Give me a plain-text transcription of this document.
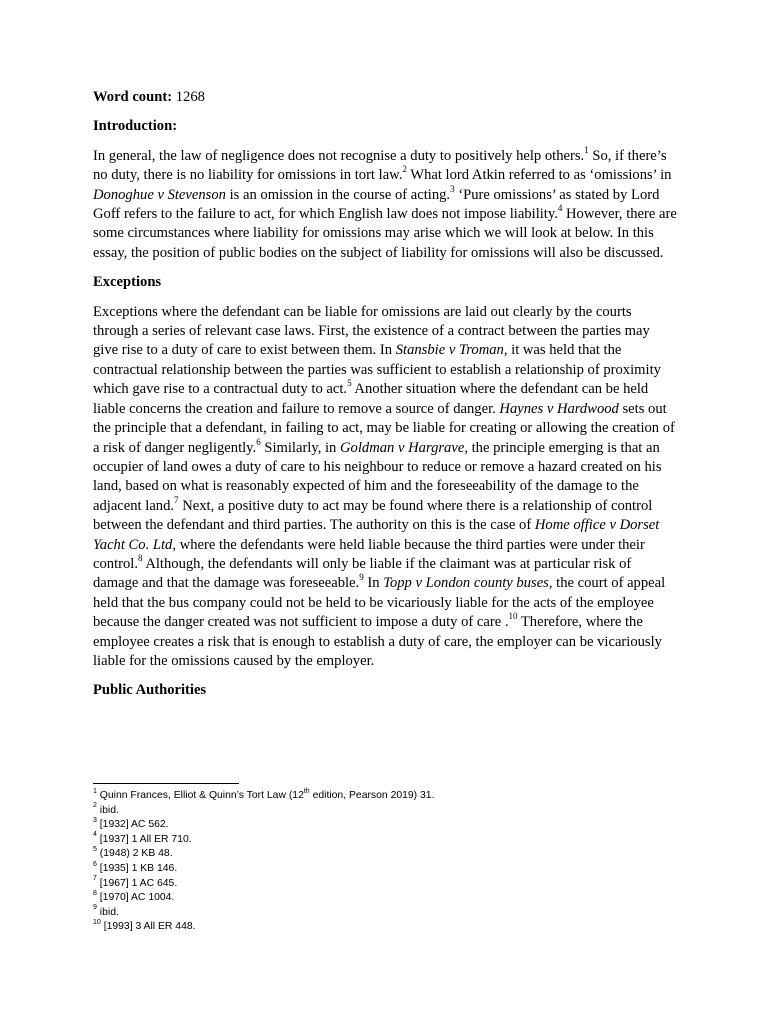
Word count: 1268

Introduction:

In general, the law of negligence does not recognise a duty to positively help others.$^1$ So, if there’s no duty, there is no liability for omissions in tort law.$^2$ What lord Atkin referred to as ‘omissions’ in Donoghue v Stevenson is an omission in the course of acting.$^3$ ‘Pure omissions’ as stated by Lord Goff refers to the failure to act, for which English law does not impose liability.$^4$ However, there are some circumstances where liability for omissions may arise which we will look at below. In this essay, the position of public bodies on the subject of liability for omissions will also be discussed.

Exceptions

Exceptions where the defendant can be liable for omissions are laid out clearly by the courts through a series of relevant case laws. First, the existence of a contract between the parties may give rise to a duty of care to exist between them. In Stansbie v Troman, it was held that the contractual relationship between the parties was sufficient to establish a relationship of proximity which gave rise to a contractual duty to act.$^5$ Another situation where the defendant can be held liable concerns the creation and failure to remove a source of danger. Haynes v Hardwood sets out the principle that a defendant, in failing to act, may be liable for creating or allowing the creation of a risk of danger negligently.$^6$ Similarly, in Goldman v Hargrave, the principle emerging is that an occupier of land owes a duty of care to his neighbour to reduce or remove a hazard created on his land, based on what is reasonably expected of him and the foreseeability of the damage to the adjacent land.$^7$ Next, a positive duty to act may be found where there is a relationship of control between the defendant and third parties. The authority on this is the case of Home office v Dorset Yacht Co. Ltd, where the defendants were held liable because the third parties were under their control.$^8$ Although, the defendants will only be liable if the claimant was at particular risk of damage and that the damage was foreseeable.$^9$ In Topp v London county buses, the court of appeal held that the bus company could not be held to be vicariously liable for the acts of the employee because the danger created was not sufficient to impose a duty of care .$^{10}$ Therefore, where the employee creates a risk that is enough to establish a duty of care, the employer can be vicariously liable for the omissions caused by the employer.

Public Authorities

$^1$ Quinn Frances, Elliot & Quinn’s Tort Law (12th edition, Pearson 2019) 31.
$^2$ ibid.
$^3$ [1932] AC 562.
$^4$ [1937] 1 All ER 710.
$^5$ (1948) 2 KB 48.
$^6$ [1935] 1 KB 146.
$^7$ [1967] 1 AC 645.
$^8$ [1970] AC 1004.
$^9$ ibid.
$^{10}$ [1993] 3 All ER 448.
